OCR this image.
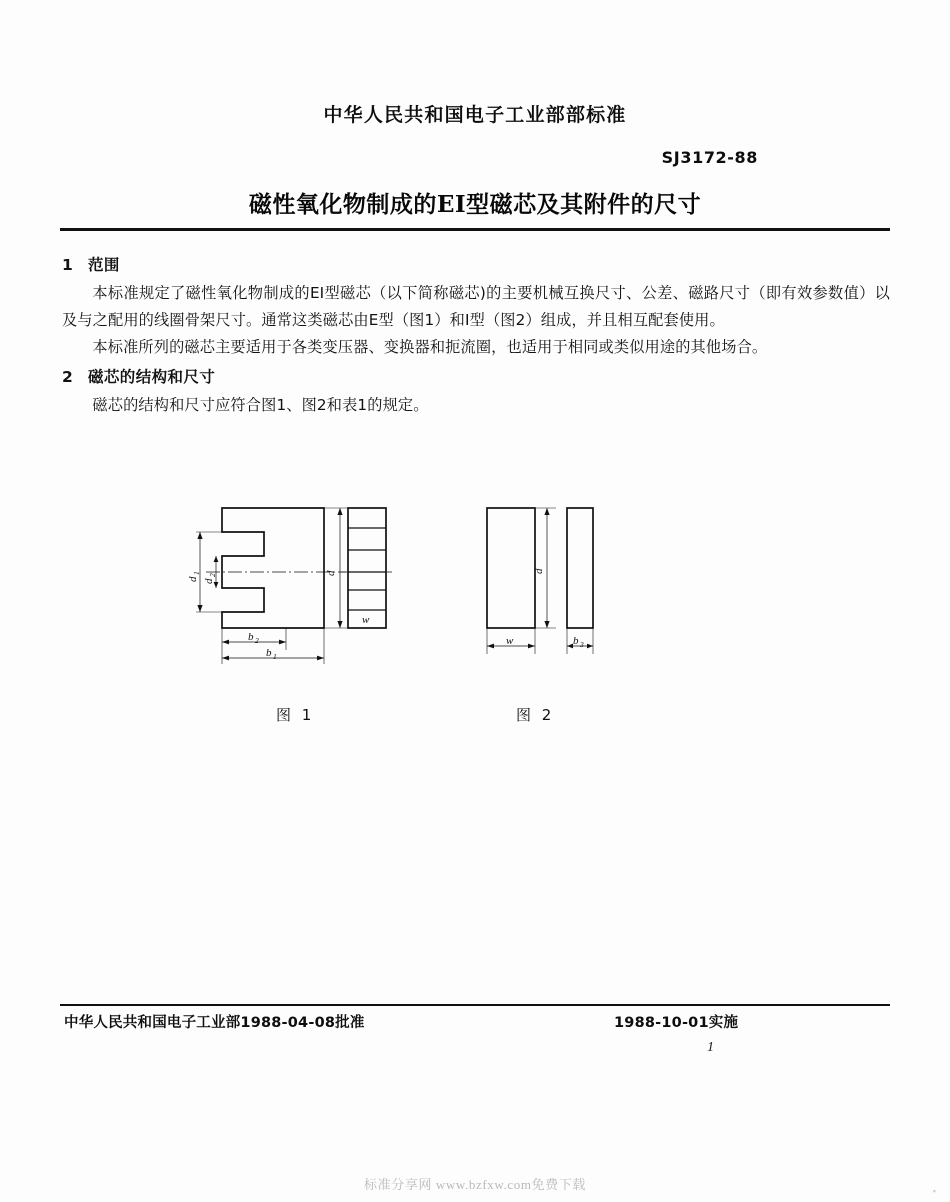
中华人民共和国电子工业部部标准
SJ3172-88
磁性氧化物制成的EI型磁芯及其附件的尺寸

1 范围

本标准规定了磁性氧化物制成的EI型磁芯（以下简称磁芯)的主要机械互换尺寸、公差、磁路尺寸（即有效参数值）以及与之配用的线圈骨架尺寸。通常这类磁芯由E型（图1）和I型（图2）组成，并且相互配套使用。

本标准所列的磁芯主要适用于各类变压器、变换器和扼流圈，也适用于相同或类似用途的其他场合。

2 磁芯的结构和尺寸

磁芯的结构和尺寸应符合图1、图2和表1的规定。

d
d
1
d
2
b 2
b 1
w
d
w	b 3
图 1	图 2
中华人民共和国电子工业部1988-04-08批准	1988-10-01实施
1
标准分享网 www.bzfxw.com免费下载	▪
